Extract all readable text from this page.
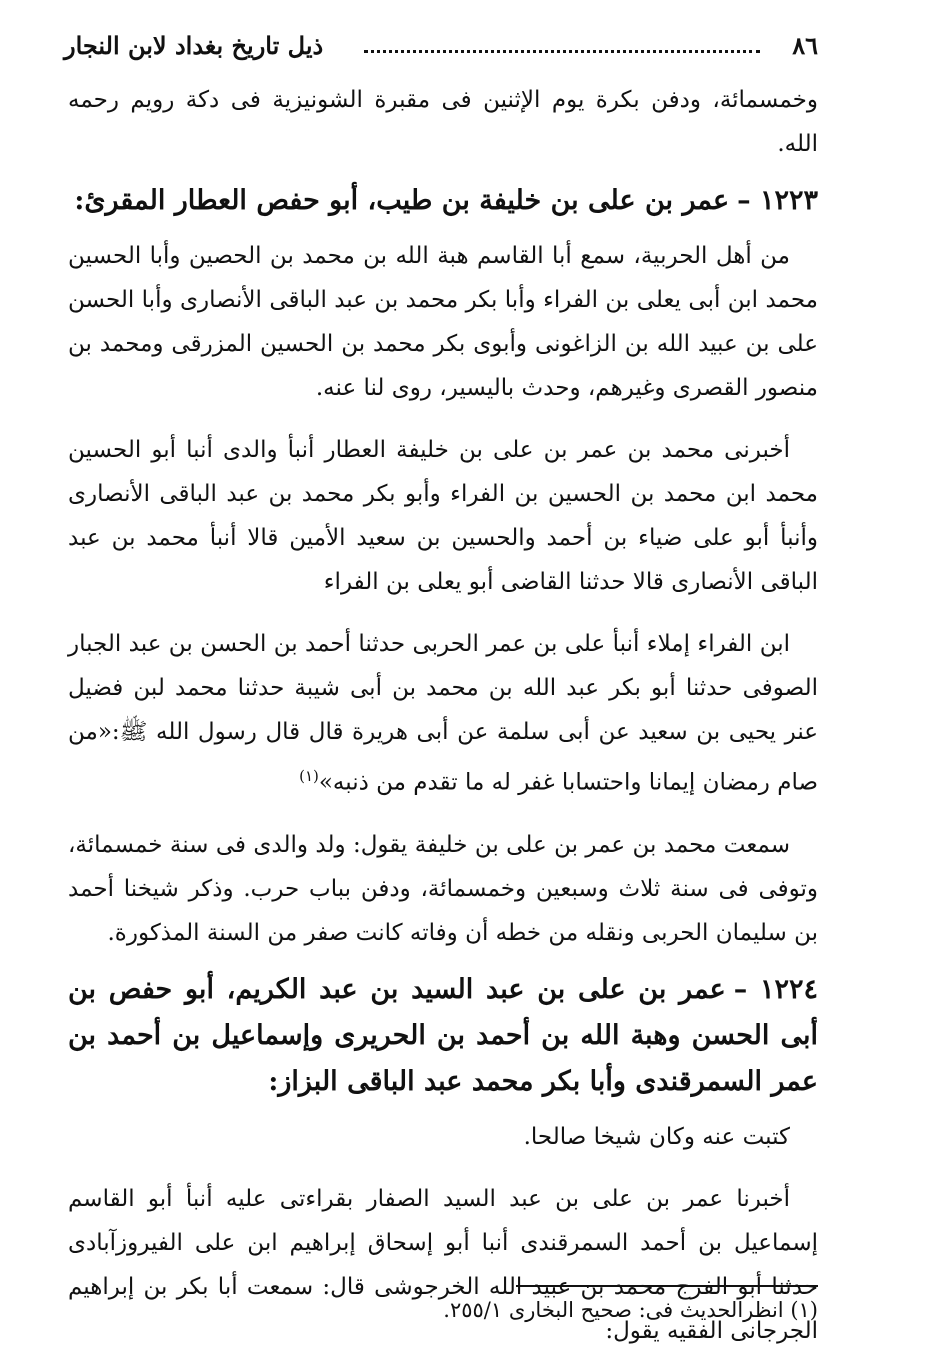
٨٦
ذيل تاريخ بغداد لابن النجار

وخمسمائة، ودفن بكرة يوم الإثنين فى مقبرة الشونيزية فى دكة رويم رحمه الله.

١٢٢٣ –عمر بن على بن خليفة بن طيب، أبو حفص العطار المقرئ:

من أهل الحربية، سمع أبا القاسم هبة الله بن محمد بن الحصين وأبا الحسين محمد ابن أبى يعلى بن الفراء وأبا بكر محمد بن عبد الباقى الأنصارى وأبا الحسن على بن عبيد الله بن الزاغونى وأبوى بكر محمد بن الحسين المزرقى ومحمد بن منصور القصرى وغيرهم، وحدث باليسير، روى لنا عنه.

أخبرنى محمد بن عمر بن على بن خليفة العطار أنبأ والدى أنبا أبو الحسين محمد ابن محمد بن الحسين بن الفراء وأبو بكر محمد بن عبد الباقى الأنصارى وأنبأ أبو على ضياء بن أحمد والحسين بن سعيد الأمين قالا أنبأ محمد بن عبد الباقى الأنصارى قالا حدثنا القاضى أبو يعلى بن الفراء

ابن الفراء إملاء أنبأ على بن عمر الحربى حدثنا أحمد بن الحسن بن عبد الجبار الصوفى حدثنا أبو بكر عبد الله بن محمد بن أبى شيبة حدثنا محمد لبن فضيل عنر يحيى بن سعيد عن أبى سلمة عن أبى هريرة قال قال رسول الله ﷺ:«من صام رمضان إيمانا واحتسابا غفر له ما تقدم من ذنبه»$^{(١)}$

سمعت محمد بن عمر بن على بن خليفة يقول: ولد والدى فى سنة خمسمائة، وتوفى فى سنة ثلاث وسبعين وخمسمائة، ودفن بباب حرب. وذكر شيخنا أحمد بن سليمان الحربى ونقله من خطه أن وفاته كانت صفر من السنة المذكورة.

١٢٢٤ –عمر بن على بن عبد السيد بن عبد الكريم، أبو حفص بن أبى الحسن وهبة الله بن أحمد بن الحريرى وإسماعيل بن أحمد بن عمر السمرقندى وأبا بكر محمد عبد الباقى البزاز:

كتبت عنه وكان شيخا صالحا.

أخبرنا عمر بن على بن عبد السيد الصفار بقراءتى عليه أنبأ أبو القاسم إسماعيل بن أحمد السمرقندى أنبا أبو إسحاق إبراهيم ابن على الفيروزآبادى حدثنا أبو الفرج محمد بن عبيد الله الخرجوشى قال: سمعت أبا بكر بن إبراهيم الجرجانى الفقيه يقول:

(١) انظرالحديث فى: صحيح البخارى ٢٥٥/١.
